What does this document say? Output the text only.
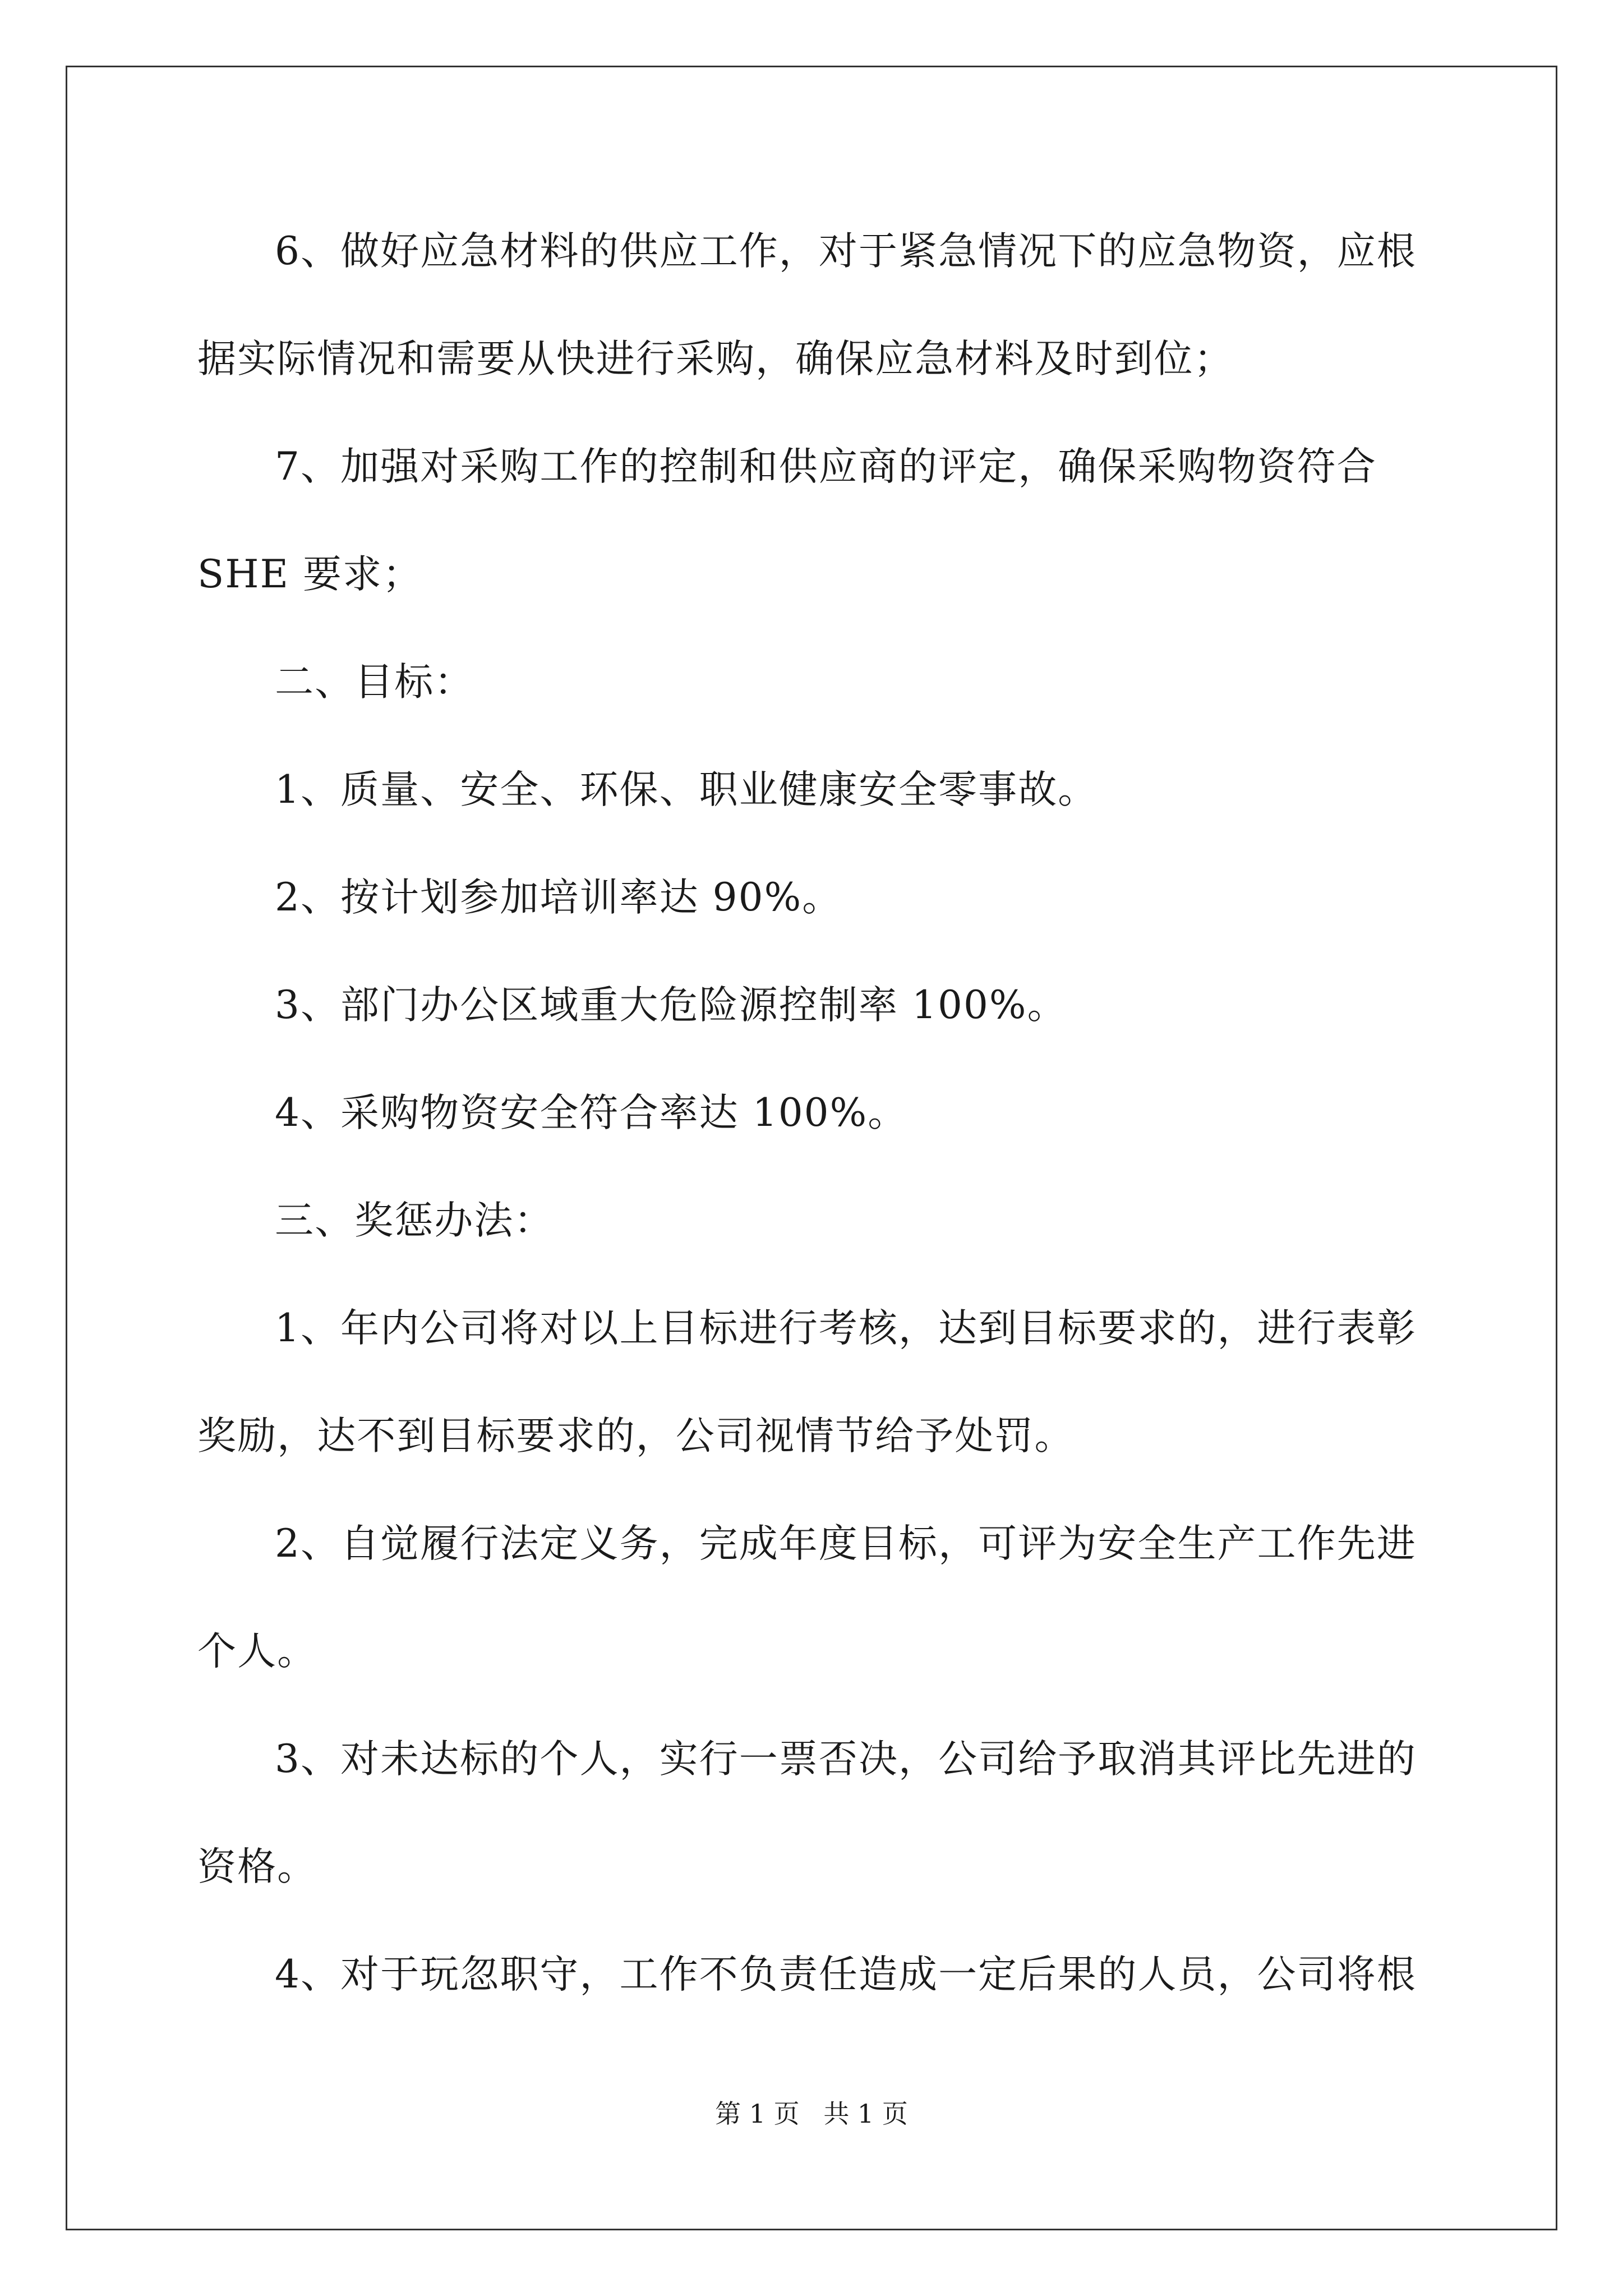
6、做好应急材料的供应工作，对于紧急情况下的应急物资，应根
据实际情况和需要从快进行采购，确保应急材料及时到位；
7、加强对采购工作的控制和供应商的评定，确保采购物资符合
SHE 要求；
二、目标：
1、质量、安全、环保、职业健康安全零事故。
2、按计划参加培训率达 90%。
3、部门办公区域重大危险源控制率 100%。
4、采购物资安全符合率达 100%。
三、奖惩办法：
1、年内公司将对以上目标进行考核，达到目标要求的，进行表彰
奖励，达不到目标要求的，公司视情节给予处罚。
2、自觉履行法定义务，完成年度目标，可评为安全生产工作先进
个人。
3、对未达标的个人，实行一票否决，公司给予取消其评比先进的
资格。
4、对于玩忽职守，工作不负责任造成一定后果的人员，公司将根
第 1 页 共 1 页
